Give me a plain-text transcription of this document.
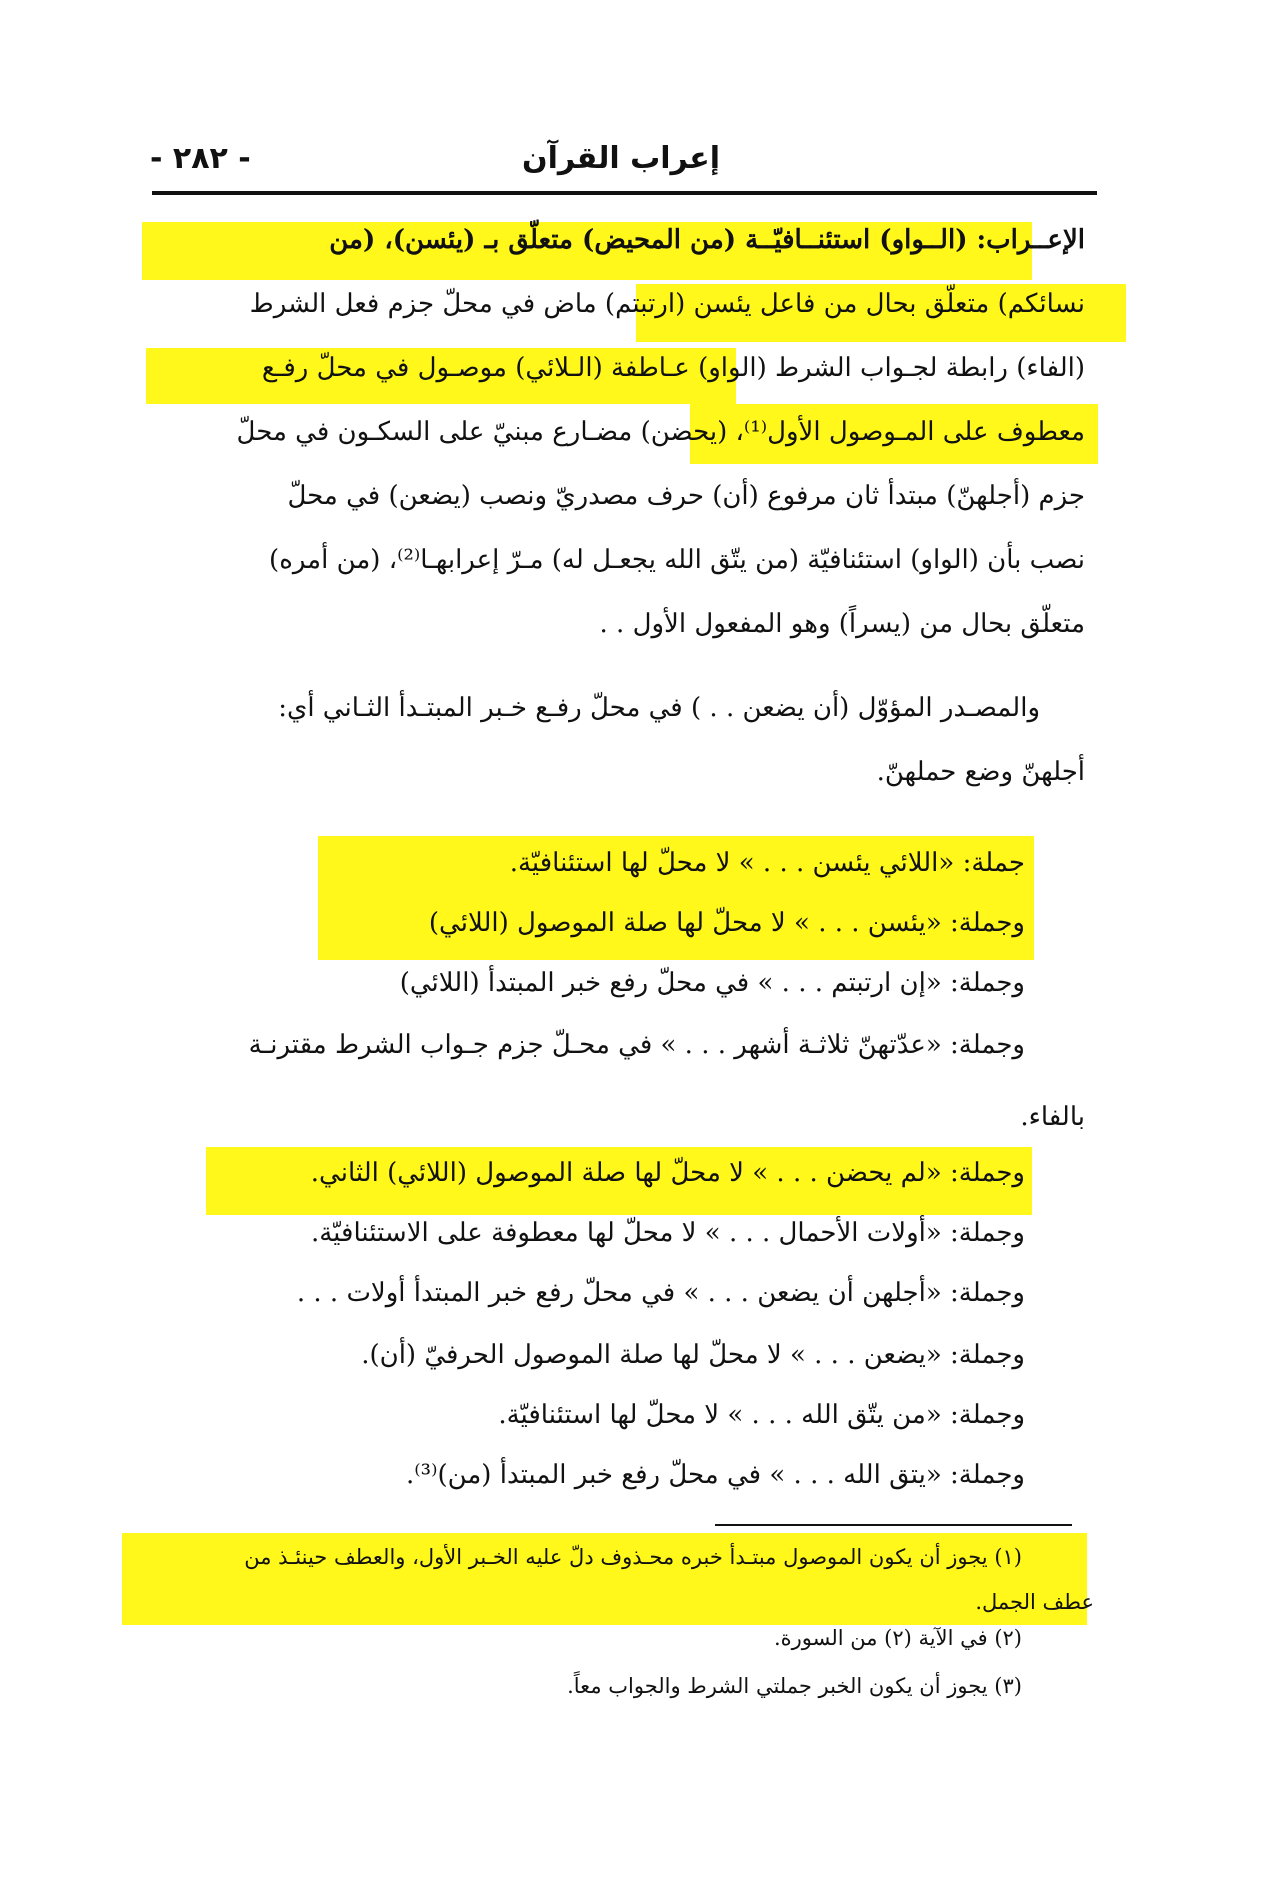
إعراب القرآن
- ٢٨٢ -
الإعــراب: (الــواو) استئنــافيّــة (من المحيض) متعلّق بـ (يئسن)، (من
نسائكم) متعلّق بحال من فاعل يئسن (ارتبتم) ماض في محلّ جزم فعل الشرط
(الفاء) رابطة لجـواب الشرط (الواو) عـاطفة (الـلائي) موصـول في محلّ رفـع
معطوف على المـوصول الأول⁽¹⁾، (يحضن) مضـارع مبنيّ على السكـون في محلّ
جزم (أجلهنّ) مبتدأ ثان مرفوع (أن) حرف مصدريّ ونصب (يضعن) في محلّ
نصب بأن (الواو) استئنافيّة (من يتّق الله يجعـل له) مـرّ إعرابهـا⁽²⁾، (من أمره)
متعلّق بحال من (يسراً) وهو المفعول الأول . .
والمصـدر المؤوّل (أن يضعن . . ) في محلّ رفـع خـبر المبتـدأ الثـاني أي:
أجلهنّ وضع حملهنّ.
جملة: «اللائي يئسن . . . » لا محلّ لها استئنافيّة.
وجملة: «يئسن . . . » لا محلّ لها صلة الموصول (اللائي)
وجملة: «إن ارتبتم . . . » في محلّ رفع خبر المبتدأ (اللائي)
وجملة: «عدّتهنّ ثلاثـة أشهر . . . » في محـلّ جزم جـواب الشرط مقترنـة
بالفاء.
وجملة: «لم يحضن . . . » لا محلّ لها صلة الموصول (اللائي) الثاني.
وجملة: «أولات الأحمال . . . » لا محلّ لها معطوفة على الاستئنافيّة.
وجملة: «أجلهن أن يضعن . . . » في محلّ رفع خبر المبتدأ أولات . . .
وجملة: «يضعن . . . » لا محلّ لها صلة الموصول الحرفيّ (أن).
وجملة: «من يتّق الله . . . » لا محلّ لها استئنافيّة.
وجملة: «يتق الله . . . » في محلّ رفع خبر المبتدأ (من)⁽³⁾.
(١) يجوز أن يكون الموصول مبتـدأ خبره محـذوف دلّ عليه الخـبر الأول، والعطف حينئـذ من
عطف الجمل.
(٢) في الآية (٢) من السورة.
(٣) يجوز أن يكون الخبر جملتي الشرط والجواب معاً.
